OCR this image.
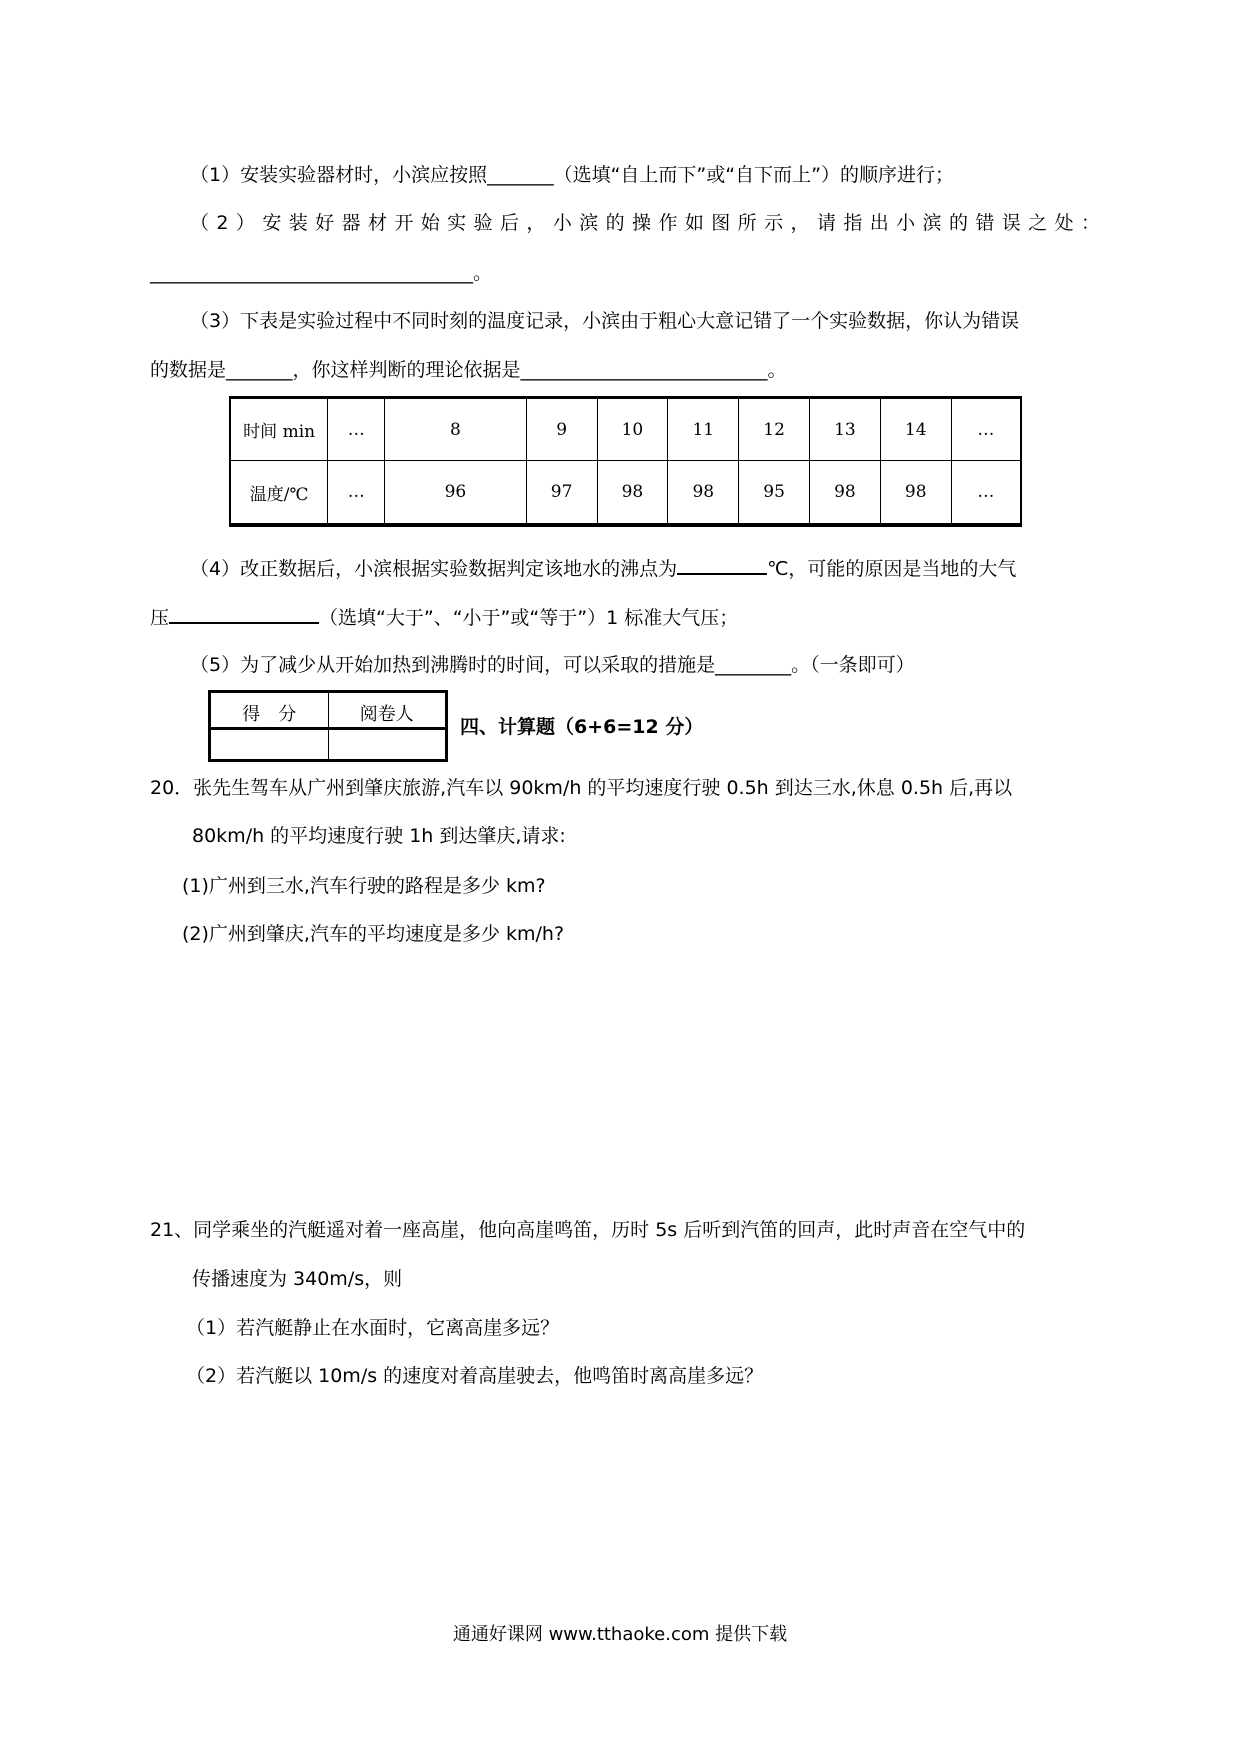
（1）安装实验器材时，小滨应按照_______（选填“自上而下”或“自下而上”）的顺序进行；
（2）安装好器材开始实验后，小滨的操作如图所示，请指出小滨的错误之处：
__________________________________。
（3）下表是实验过程中不同时刻的温度记录，小滨由于粗心大意记错了一个实验数据，你认为错误
的数据是_______，你这样判断的理论依据是__________________________。
时间 min	…	8	9	10	11	12	13	14	…
温度/℃	…	96	97	98	98	95	98	98	…
（4）改正数据后，小滨根据实验数据判定该地水的沸点为	℃，可能的原因是当地的大气
压	（选填“大于”、“小于”或“等于”）1 标准大气压；
（5）为了减少从开始加热到沸腾时的时间，可以采取的措施是________。（一条即可）
得　分	阅卷人

四、计算题（6+6=12 分）
20．张先生驾车从广州到肇庆旅游,汽车以 90km/h 的平均速度行驶 0.5h 到达三水,休息 0.5h 后,再以
80km/h 的平均速度行驶 1h 到达肇庆,请求:
(1)广州到三水,汽车行驶的路程是多少 km?
(2)广州到肇庆,汽车的平均速度是多少 km/h?
21、同学乘坐的汽艇遥对着一座高崖，他向高崖鸣笛，历时 5s 后听到汽笛的回声，此时声音在空气中的
传播速度为 340m/s，则
（1）若汽艇静止在水面时，它离高崖多远？
（2）若汽艇以 10m/s 的速度对着高崖驶去，他鸣笛时离高崖多远？
通通好课网 www.tthaoke.com 提供下载
